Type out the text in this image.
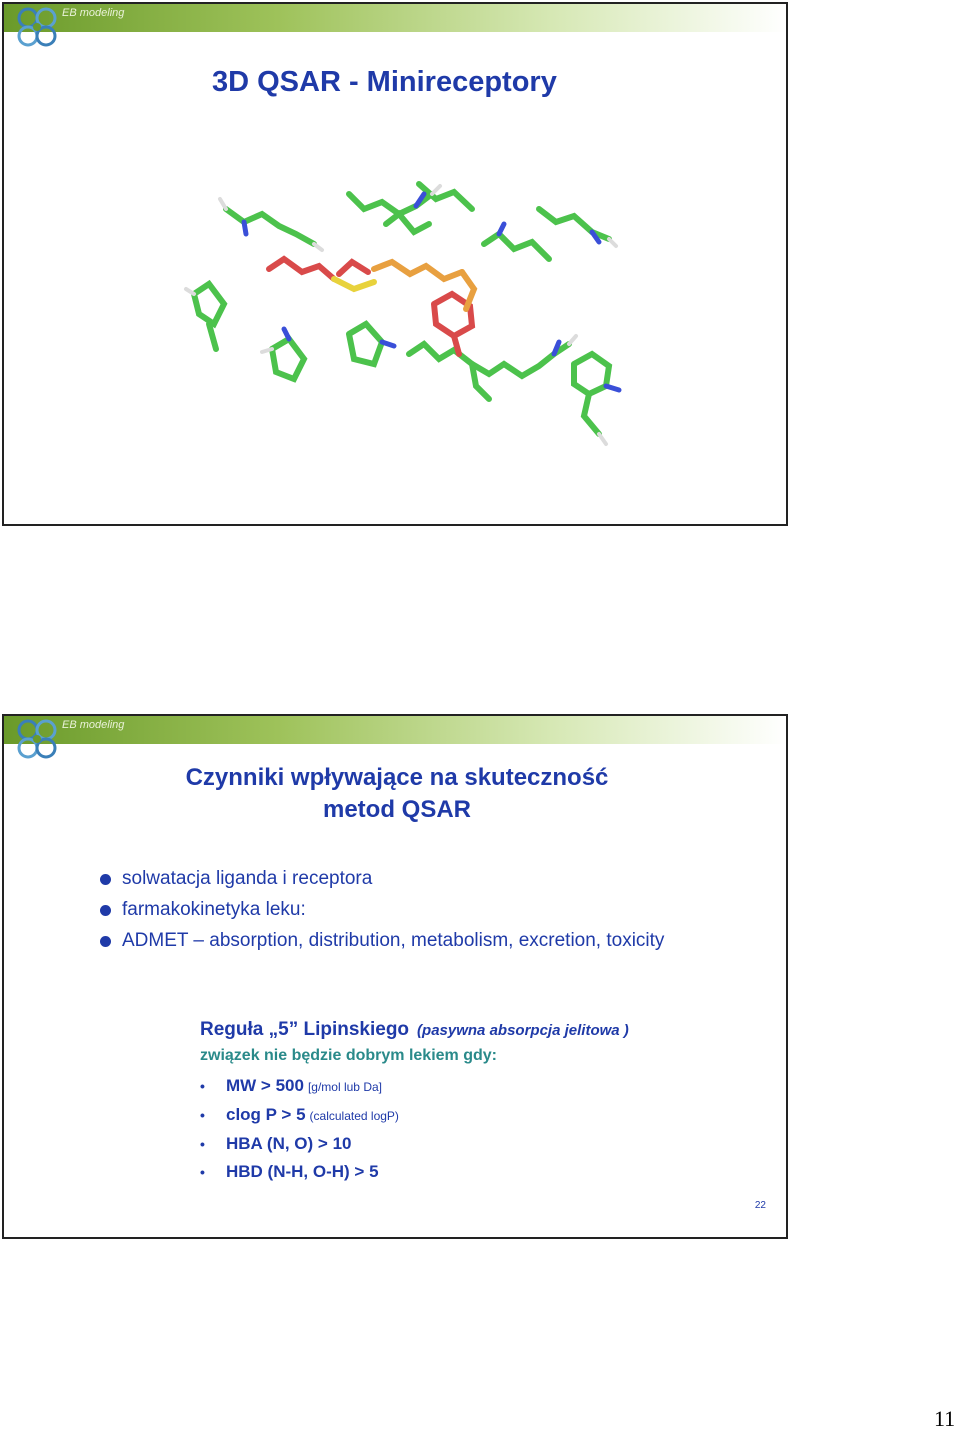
EB modeling
3D QSAR - Minireceptory
EB modeling
Czynniki wpływające na skuteczność
metod QSAR
solwatacja liganda i receptora
farmakokinetyka leku:
ADMET – absorption, distribution, metabolism, excretion, toxicity
Reguła „5” Lipinskiego (pasywna absorpcja jelitowa )
związek nie będzie dobrym lekiem gdy:
• MW > 500 [g/mol lub Da]
• clog P > 5 (calculated logP)
• HBA (N, O) > 10
• HBD (N-H, O-H) > 5
22
11
